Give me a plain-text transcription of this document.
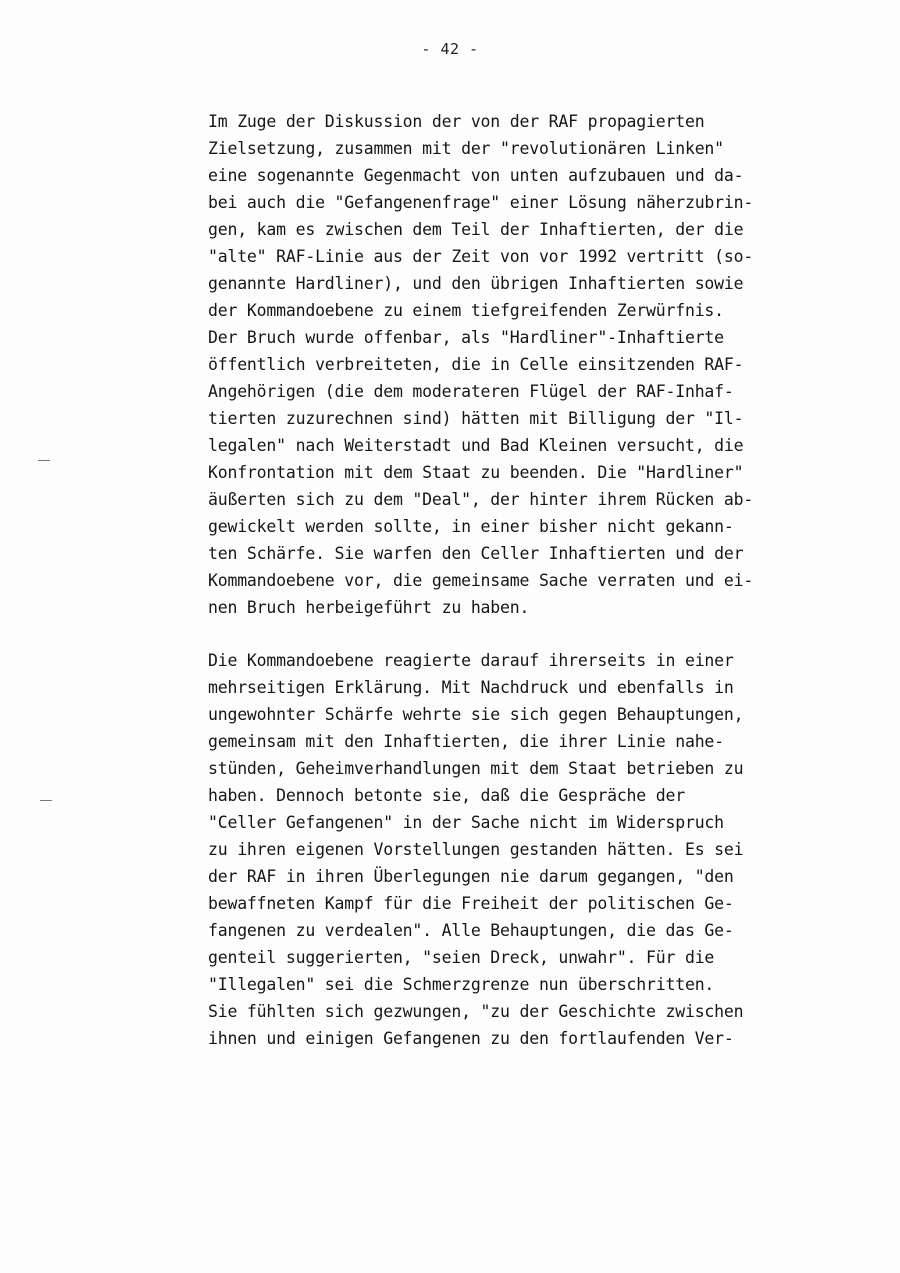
- 42 -
Im Zuge der Diskussion der von der RAF propagierten
Zielsetzung, zusammen mit der "revolutionären Linken"
eine sogenannte Gegenmacht von unten aufzubauen und da-
bei auch die "Gefangenenfrage" einer Lösung näherzubrin-
gen, kam es zwischen dem Teil der Inhaftierten, der die
"alte" RAF-Linie aus der Zeit von vor 1992 vertritt (so-
genannte Hardliner), und den übrigen Inhaftierten sowie
der Kommandoebene zu einem tiefgreifenden Zerwürfnis.
Der Bruch wurde offenbar, als "Hardliner"-Inhaftierte
öffentlich verbreiteten, die in Celle einsitzenden RAF-
Angehörigen (die dem moderateren Flügel der RAF-Inhaf-
tierten zuzurechnen sind) hätten mit Billigung der "Il-
legalen" nach Weiterstadt und Bad Kleinen versucht, die
Konfrontation mit dem Staat zu beenden. Die "Hardliner"
äußerten sich zu dem "Deal", der hinter ihrem Rücken ab-
gewickelt werden sollte, in einer bisher nicht gekann-
ten Schärfe. Sie warfen den Celler Inhaftierten und der
Kommandoebene vor, die gemeinsame Sache verraten und ei-
nen Bruch herbeigeführt zu haben.
Die Kommandoebene reagierte darauf ihrerseits in einer
mehrseitigen Erklärung. Mit Nachdruck und ebenfalls in
ungewohnter Schärfe wehrte sie sich gegen Behauptungen,
gemeinsam mit den Inhaftierten, die ihrer Linie nahe-
stünden, Geheimverhandlungen mit dem Staat betrieben zu
haben. Dennoch betonte sie, daß die Gespräche der
"Celler Gefangenen" in der Sache nicht im Widerspruch
zu ihren eigenen Vorstellungen gestanden hätten. Es sei
der RAF in ihren Überlegungen nie darum gegangen, "den
bewaffneten Kampf für die Freiheit der politischen Ge-
fangenen zu verdealen". Alle Behauptungen, die das Ge-
genteil suggerierten, "seien Dreck, unwahr". Für die
"Illegalen" sei die Schmerzgrenze nun überschritten.
Sie fühlten sich gezwungen, "zu der Geschichte zwischen
ihnen und einigen Gefangenen zu den fortlaufenden Ver-
